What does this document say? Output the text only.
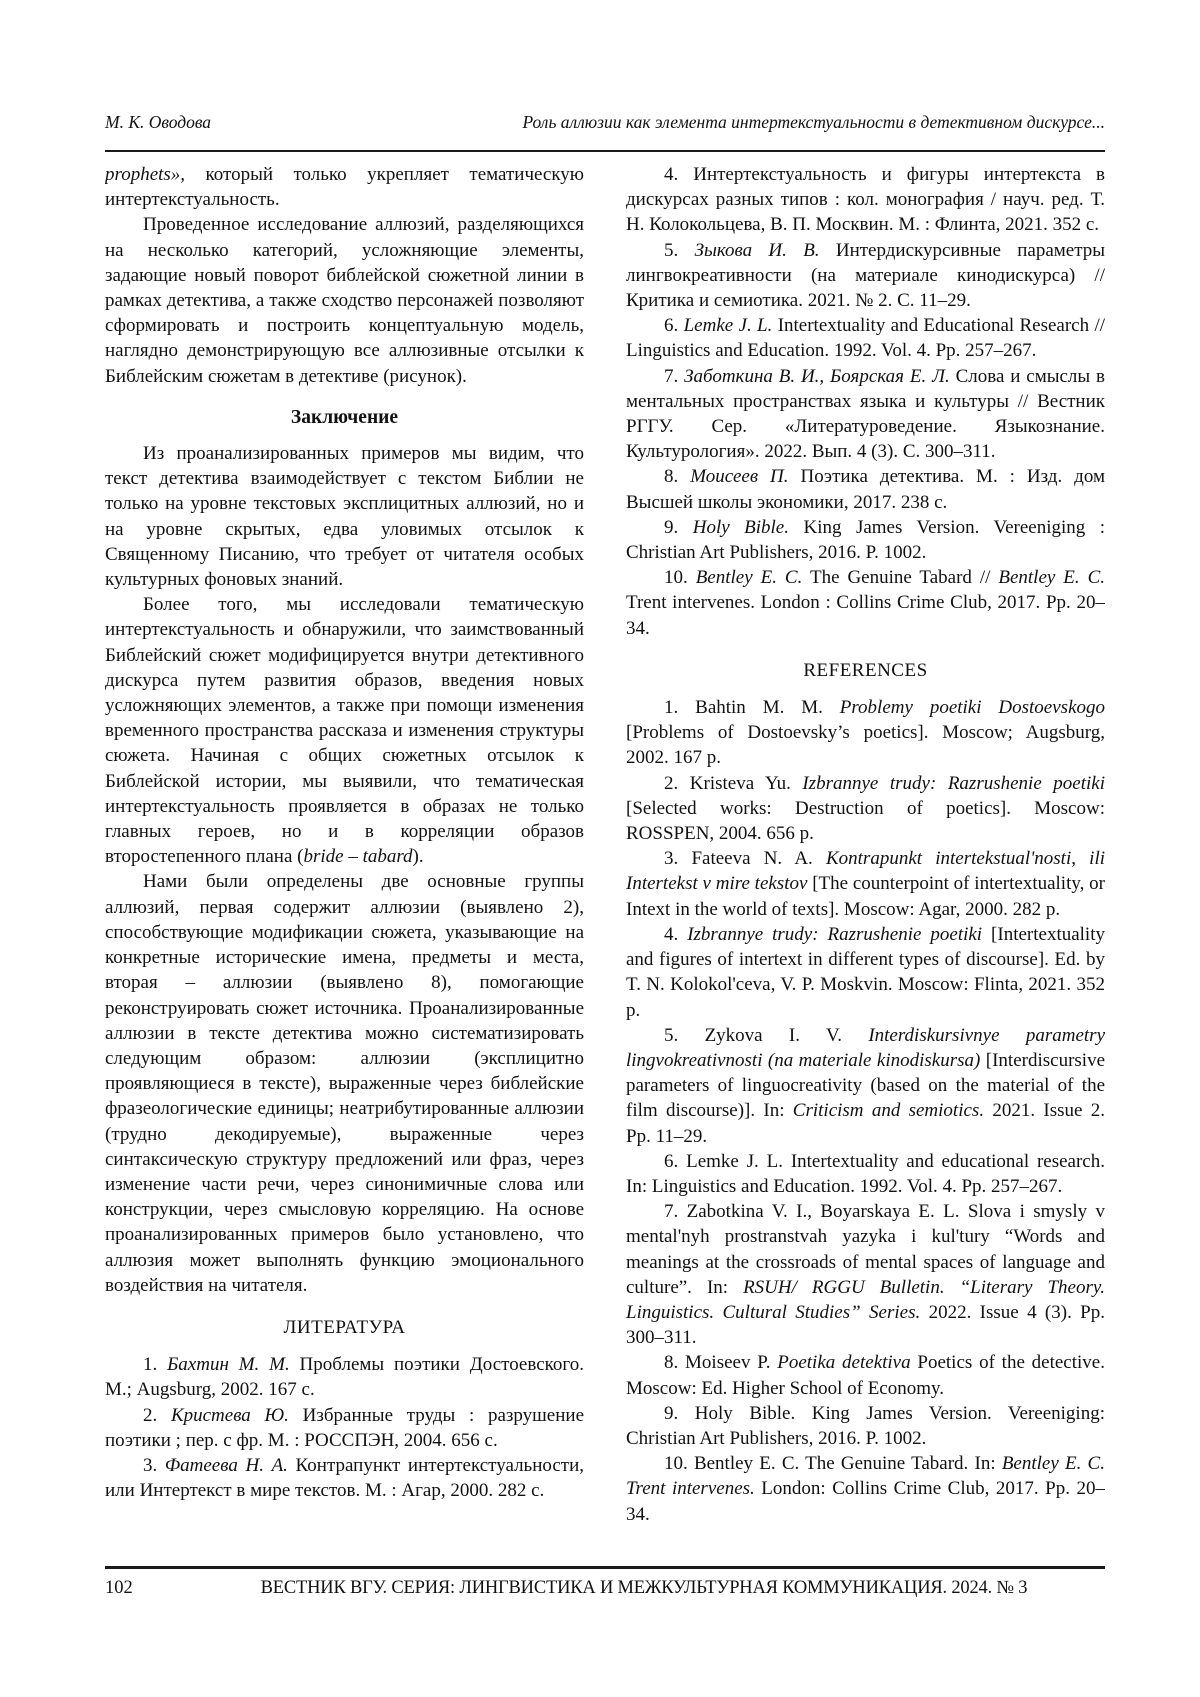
М. К. Оводова	Роль аллюзии как элемента интертекстуальности в детективном дискурсе...

prophets», который только укрепляет тематическую интертекстуальность.

Проведенное исследование аллюзий, разделяющихся на несколько категорий, усложняющие элементы, задающие новый поворот библейской сюжетной линии в рамках детектива, а также сходство персонажей позволяют сформировать и построить концептуальную модель, наглядно демонстрирующую все аллюзивные отсылки к Библейским сюжетам в детективе (рисунок).

Заключение

Из проанализированных примеров мы видим, что текст детектива взаимодействует с текстом Библии не только на уровне текстовых эксплицитных аллюзий, но и на уровне скрытых, едва уловимых отсылок к Священному Писанию, что требует от читателя особых культурных фоновых знаний.

Более того, мы исследовали тематическую интертекстуальность и обнаружили, что заимствованный Библейский сюжет модифицируется внутри детективного дискурса путем развития образов, введения новых усложняющих элементов, а также при помощи изменения временного пространства рассказа и изменения структуры сюжета. Начиная с общих сюжетных отсылок к Библейской истории, мы выявили, что тематическая интертекстуальность проявляется в образах не только главных героев, но и в корреляции образов второстепенного плана (bride – tabard).

Нами были определены две основные группы аллюзий, первая содержит аллюзии (выявлено 2), способствующие модификации сюжета, указывающие на конкретные исторические имена, предметы и места, вторая – аллюзии (выявлено 8), помогающие реконструировать сюжет источника. Проанализированные аллюзии в тексте детектива можно систематизировать следующим образом: аллюзии (эксплицитно проявляющиеся в тексте), выраженные через библейские фразеологические единицы; неатрибутированные аллюзии (трудно декодируемые), выраженные через синтаксическую структуру предложений или фраз, через изменение части речи, через синонимичные слова или конструкции, через смысловую корреляцию. На основе проанализированных примеров было установлено, что аллюзия может выполнять функцию эмоционального воздействия на читателя.

ЛИТЕРАТУРА

1. Бахтин М. М. Проблемы поэтики Достоевского. М.; Augsburg, 2002. 167 с.

2. Кристева Ю. Избранные труды : разрушение поэтики ; пер. с фр. М. : РОССПЭН, 2004. 656 с.

3. Фатеева Н. А. Контрапункт интертекстуальности, или Интертекст в мире текстов. М. : Агар, 2000. 282 с.

4. Интертекстуальность и фигуры интертекста в дискурсах разных типов : кол. монография / науч. ред. Т. Н. Колокольцева, В. П. Москвин. М. : Флинта, 2021. 352 с.

5. Зыкова И. В. Интердискурсивные параметры лингвокреативности (на материале кинодискурса) // Критика и семиотика. 2021. № 2. С. 11–29.

6. Lemke J. L. Intertextuality and Educational Research // Linguistics and Education. 1992. Vol. 4. Pp. 257–267.

7. Заботкина В. И., Боярская Е. Л. Слова и смыслы в ментальных пространствах языка и культуры // Вестник РГГУ. Сер. «Литературоведение. Языкознание. Культурология». 2022. Вып. 4 (3). С. 300–311.

8. Моисеев П. Поэтика детектива. М. : Изд. дом Высшей школы экономики, 2017. 238 с.

9. Holy Bible. King James Version. Vereeniging : Christian Art Publishers, 2016. P. 1002.

10. Bentley E. C. The Genuine Tabard // Bentley E. C. Trent intervenes. London : Collins Crime Club, 2017. Pp. 20–34.

REFERENCES

1. Bahtin M. M. Problemy poetiki Dostoevskogo [Problems of Dostoevsky’s poetics]. Moscow; Augsburg, 2002. 167 p.

2. Kristeva Yu. Izbrannye trudy: Razrushenie poetiki [Selected works: Destruction of poetics]. Moscow: ROSSPEN, 2004. 656 p.

3. Fateeva N. A. Kontrapunkt intertekstual'nosti, ili Intertekst v mire tekstov [The counterpoint of intertextuality, or Intext in the world of texts]. Moscow: Agar, 2000. 282 p.

4. Izbrannye trudy: Razrushenie poetiki [Intertextuality and figures of intertext in different types of discourse]. Ed. by T. N. Kolokol'ceva, V. P. Moskvin. Moscow: Flinta, 2021. 352 p.

5. Zykova I. V. Interdiskursivnye parametry lingvokreativnosti (na materiale kinodiskursa) [Interdiscursive parameters of linguocreativity (based on the material of the film discourse)]. In: Criticism and semiotics. 2021. Issue 2. Pp. 11–29.

6. Lemke J. L. Intertextuality and educational research. In: Linguistics and Education. 1992. Vol. 4. Pp. 257–267.

7. Zabotkina V. I., Boyarskaya E. L. Slova i smysly v mental'nyh prostranstvah yazyka i kul'tury “Words and meanings at the crossroads of mental spaces of language and culture”. In: RSUH/ RGGU Bulletin. “Literary Theory. Linguistics. Cultural Studies” Series. 2022. Issue 4 (3). Pp. 300–311.

8. Moiseev P. Poetika detektiva Poetics of the detective. Moscow: Ed. Higher School of Economy.

9. Holy Bible. King James Version. Vereeniging: Christian Art Publishers, 2016. P. 1002.

10. Bentley E. C. The Genuine Tabard. In: Bentley E. C. Trent intervenes. London: Collins Crime Club, 2017. Pp. 20–34.

102	ВЕСТНИК ВГУ. СЕРИЯ: ЛИНГВИСТИКА И МЕЖКУЛЬТУРНАЯ КОММУНИКАЦИЯ. 2024. № 3
